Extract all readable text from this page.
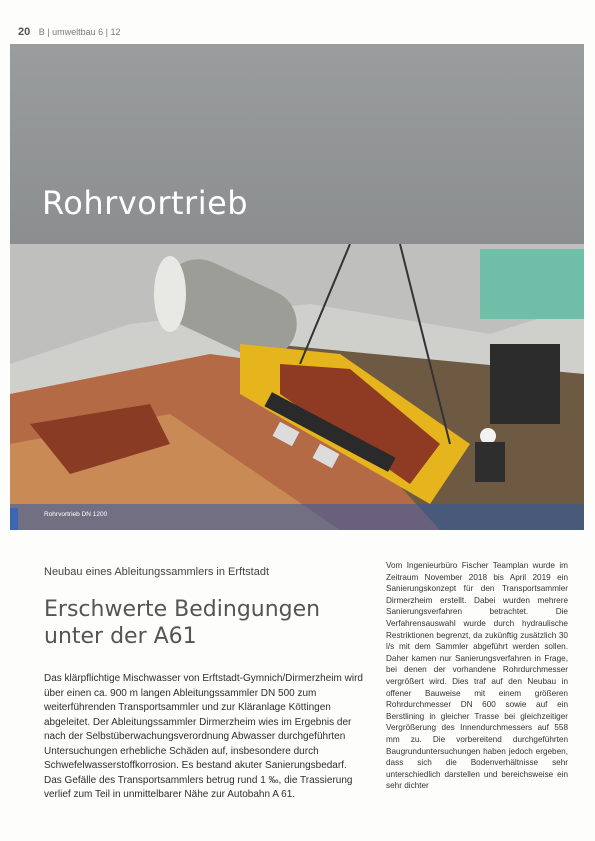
20 B | umweltbau 6 | 12
Rohrvortrieb
Rohrvortrieb DN 1200
Neubau eines Ableitungssammlers in Erftstadt
Erschwerte Bedingungen unter der A61
Das klärpflichtige Mischwasser von Erftstadt-Gymnich/Dirmerzheim wird über einen ca. 900 m langen Ableitungssammler DN 500 zum weiterführenden Transportsammler und zur Kläranlage Köttingen abgeleitet. Der Ableitungssammler Dirmerzheim wies im Ergebnis der nach der Selbstüberwachungsverordnung Abwasser durchgeführten Untersuchungen erhebliche Schäden auf, insbesondere durch Schwefelwasserstoffkorrosion. Es bestand akuter Sanierungsbedarf. Das Gefälle des Transportsammlers betrug rund 1 ‰, die Trassierung verlief zum Teil in unmittelbarer Nähe zur Autobahn A 61.
Vom Ingenieurbüro Fischer Teamplan wurde im Zeitraum November 2018 bis April 2019 ein Sanierungskonzept für den Transportsammler Dirmerzheim erstellt. Dabei wurden mehrere Sanierungsverfahren betrachtet. Die Verfahrensauswahl wurde durch hydraulische Restriktionen begrenzt, da zukünftig zusätzlich 30 l/s mit dem Sammler abgeführt werden sollen. Daher kamen nur Sanierungsverfahren in Frage, bei denen der vorhandene Rohrdurchmesser vergrößert wird. Dies traf auf den Neubau in offener Bauweise mit einem größeren Rohrdurchmesser DN 600 sowie auf ein Berstlining in gleicher Trasse bei gleichzeitiger Vergrößerung des Innendurchmessers auf 558 mm zu. Die vorbereitend durchgeführten Baugrunduntersuchungen haben jedoch ergeben, dass sich die Bodenverhältnisse sehr unterschiedlich darstellen und bereichsweise ein sehr dichter
